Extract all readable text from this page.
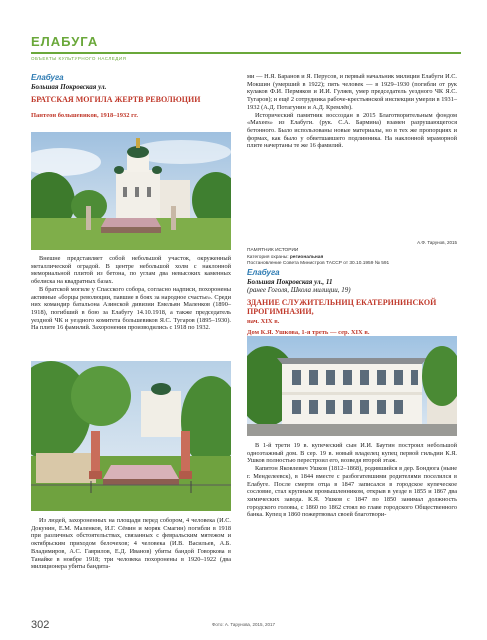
ЕЛАБУГА
ОБЪЕКТЫ КУЛЬТУРНОГО НАСЛЕДИЯ
Елабуга
Большая Покровская ул.
БРАТСКАЯ МОГИЛА ЖЕРТВ РЕВОЛЮЦИИ
Пантеон большевиков, 1918–1932 гг.

Внешне представляет собой небольшой участок, окруженный металлической оградой. В центре небольшой холм с наклонной мемориальной плитой из бетона, по углам два невысоких каменных обелиска на квадратных базах.

В братской могиле у Спасского собора, согласно надписи, похоронены активные «борцы революции, павшие в боях за народное счастье». Среди них командир батальона Азинской дивизии Емельян Маленков (1890–1918), погибший в бою за Елабугу 14.10.1918, а также председатель уездной ЧК и уездного комитета большевиков Я.С. Тугаров (1895–1930). На плите 16 фамилий. Захоронения производились с 1918 по 1932.

Из людей, захороненных на площади перед собором, 4 человека (И.С. Докунин, Е.М. Маленков, И.Г. Сёмин и моряк Смагин) погибли в 1918 при различных обстоятельствах, связанных с февральским мятежом и октябрьским приходом белочехов; 4 человека (И.В. Васильев, А.Б. Владимиров, А.С. Гаврилов, Е.Д. Иванов) убиты бандой Говоркова в Танайке в ноябре 1918; три человека похоронены в 1920–1922 (два милиционера убиты бандита-

ми — Н.Я. Баранов и Я. Перусов, и первый начальник милиции Елабуги И.С. Мокшин (умерший в 1922); пять человек — в 1929–1930 (погибли от рук кулаков Ф.И. Пермяков и И.И. Гуляев, умер председатель уездного ЧК Я.С. Тугаров); и ещё 2 сотрудника рабоче-крестьянской инспекции умерли в 1931–1932 (А.Д. Потагунин и А.Д. Кремлёв).

Исторический памятник воссоздан в 2015 Благотворительным фондом «Мaxees» из Елабуги. (рук. С.А. Бармина) взамен разрушающегося бетонного. Было использованы новые материалы, но в тех же пропорциях и формах, как было у обветшавшего подлинника. На наклонной мраморной плите начертаны те же 16 фамилий.

А.Ф. Тарунов, 2015
ПАМЯТНИК ИСТОРИИ
Категория охраны: региональная
Постановление Совета Министров ТАССР от 30.10.1959 № 591
Елабуга
Большая Покровская ул., 11
(ранее Гоголя, Школа милиции, 19)
ЗДАНИЕ СЛУЖИТЕЛЬНИЦ ЕКАТЕРИНИНСКОЙ ПРОГИМНАЗИИ,
нач. XIX в.
Дом К.Я. Ушкова, 1-я треть — сер. XIX в.

В 1-й трети 19 в. купеческий сын И.И. Баутин построил небольшой одноэтажный дом. В сер. 19 в. новый владелец купец первой гильдии К.Я. Ушков полностью перестроил его, возведя второй этаж.

Капитон Яковлевич Ушков (1812–1868), родившийся в дер. Бондюга (ныне г. Менделеевск), в 1844 вместе с разбогатевшими родителями поселился в Елабуге. После смерти отца в 1847 записался в городское купеческое сословие, стал крупным промышленником, открыв в уезде в 1855 и 1867 два химических завода. К.Я. Ушков с 1847 по 1850 занимал должность городского головы, с 1860 по 1862 стоял во главе городского Общественного банка. Купец в 1860 пожертвовал своей благотвори-

302	Фото: А. Тарунова, 2015, 2017
